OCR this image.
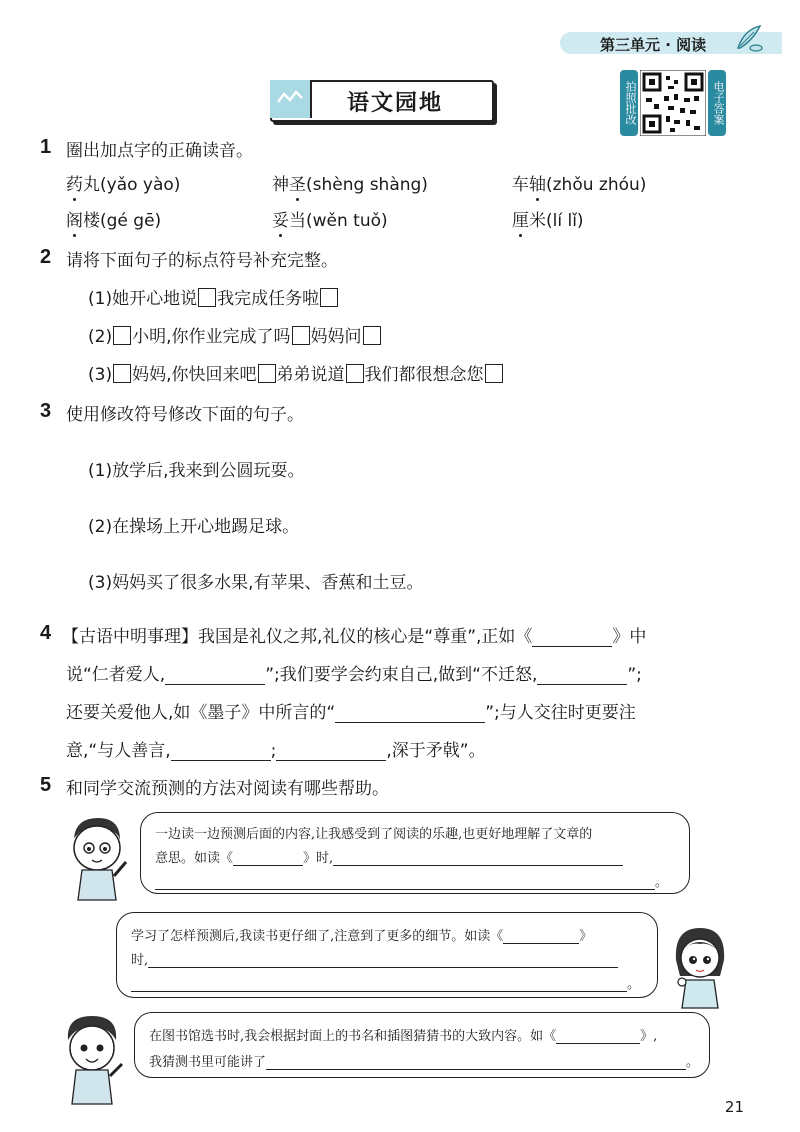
第三单元 · 阅读
语文园地	拍照批改	电子答案
1 圈出加点字的正确读音。
药丸(yǎo yào)	神圣(shèng shàng)	车轴(zhǒu zhóu)
阁楼(gé gē)	妥当(wěn tuǒ)	厘米(lí lǐ)
2 请将下面句子的标点符号补充完整。
(1)她开心地说 我完成任务啦
(2) 小明,你作业完成了吗 妈妈问
(3) 妈妈,你快回来吧 弟弟说道 我们都很想念您
3 使用修改符号修改下面的句子。
(1)放学后,我来到公圆玩耍。
(2)在操场上开心地踢足球。
(3)妈妈买了很多水果,有苹果、香蕉和土豆。
4 【古语中明事理】我国是礼仪之邦,礼仪的核心是“尊重”,正如《	》中
说“仁者爱人,	”;我们要学会约束自己,做到“不迁怒,	”;
还要关爱他人,如《墨子》中所言的“	”;与人交往时更要注
意,“与人善言,	;	,深于矛戟”。
5 和同学交流预测的方法对阅读有哪些帮助。
一边读一边预测后面的内容,让我感受到了阅读的乐趣,也更好地理解了文章的
意思。如读《	》时,
。
学习了怎样预测后,我读书更仔细了,注意到了更多的细节。如读《	》
时,
。
在图书馆选书时,我会根据封面上的书名和插图猜猜书的大致内容。如《	》,
我猜测书里可能讲了	。
21
